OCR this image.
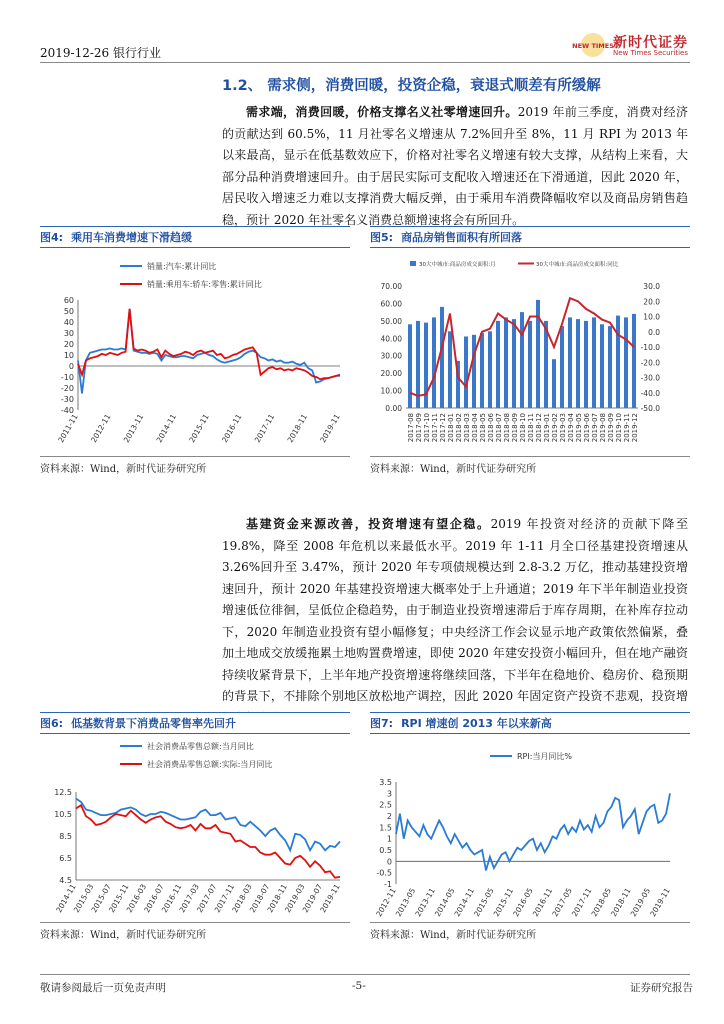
2019-12-26 银行行业	NEW TIMES 新时代证券
New Times Securities
1.2、 需求侧，消费回暖，投资企稳，衰退式顺差有所缓解
需求端，消费回暖，价格支撑名义社零增速回升。2019 年前三季度，消费对经济的贡献达到 60.5%，11 月社零名义增速从 7.2%回升至 8%，11 月 RPI 为 2013 年以来最高，显示在低基数效应下，价格对社零名义增速有较大支撑，从结构上来看，大部分品种消费增速回升。由于居民实际可支配收入增速还在下滑通道，因此 2020 年，居民收入增速乏力难以支撑消费大幅反弹，由于乘用车消费降幅收窄以及商品房销售趋稳，预计 2020 年社零名义消费总额增速将会有所回升。
图4: 乘用车消费增速下滑趋缓	图5: 商品房销售面积有所回落
销量:汽车:累计同比
销量:乘用车:轿车:零售:累计同比
60
50
40
30
20
10
0
-10
-20
-30
-40
2011-11 2012-11 2013-11 2014-11 2015-11 2016-11 2017-11 2018-11 2019-11
30大中城市:商品房成交面积:月	30大中城市:商品房成交面积:同比
70.00
60.00
50.00
40.00
30.00
20.00
10.00
0.00
30.0
20.0
10.0
0.0
-10.0
-20.0
-30.0
-40.0
-50.0
2017-08 2017-09 2017-10 2017-11 2017-12 2018-01 2018-02 2018-03 2018-04 2018-05 2018-06 2018-07 2018-08 2018-09 2018-10 2018-11 2018-12 2019-01 2019-02 2019-03 2019-04 2019-05 2019-06 2019-07 2019-08 2019-09 2019-10 2019-11 2019-12
资料来源：Wind，新时代证券研究所	资料来源：Wind，新时代证券研究所
基建资金来源改善，投资增速有望企稳。2019 年投资对经济的贡献下降至 19.8%，降至 2008 年危机以来最低水平。2019 年 1-11 月全口径基建投资增速从 3.26%回升至 3.47%，预计 2020 年专项债规模达到 2.8-3.2 万亿，推动基建投资增速回升，预计 2020 年基建投资增速大概率处于上升通道；2019 年下半年制造业投资增速低位徘徊，呈低位企稳趋势，由于制造业投资增速滞后于库存周期，在补库存拉动下，2020 年制造业投资有望小幅修复；中央经济工作会议显示地产政策依然偏紧，叠加土地成交放缓拖累土地购置费增速，即使 2020 年建安投资小幅回升，但在地产融资持续收紧背景下，上半年地产投资增速将继续回落，下半年在稳地价、稳房价、稳预期的背景下，不排除个别地区放松地产调控，因此 2020 年固定资产投资不悲观，投资增
图6: 低基数背景下消费品零售率先回升	图7: RPI 增速创 2013 年以来新高
社会消费品零售总额:当月同比
社会消费品零售总额:实际:当月同比
12.5
10.5
8.5
6.5
4.5
2014-11
2015-03
2015-07
2015-11
2016-03
2016-07
2016-11
2017-03
2017-07
2017-11
2018-03
2018-07
2018-11
2019-03
2019-07
2019-11
RPI:当月同比%
3.5
3
2.5
2
1.5
1
0.5
0
-0.5
-1
2012-11
2013-05
2013-11
2014-05
2014-11
2015-05
2015-11
2016-05
2016-11
2017-05
2017-11
2018-05
2018-11
2019-05
2019-11
资料来源：Wind，新时代证券研究所	资料来源：Wind，新时代证券研究所
敬请参阅最后一页免责声明	-5-	证券研究报告
